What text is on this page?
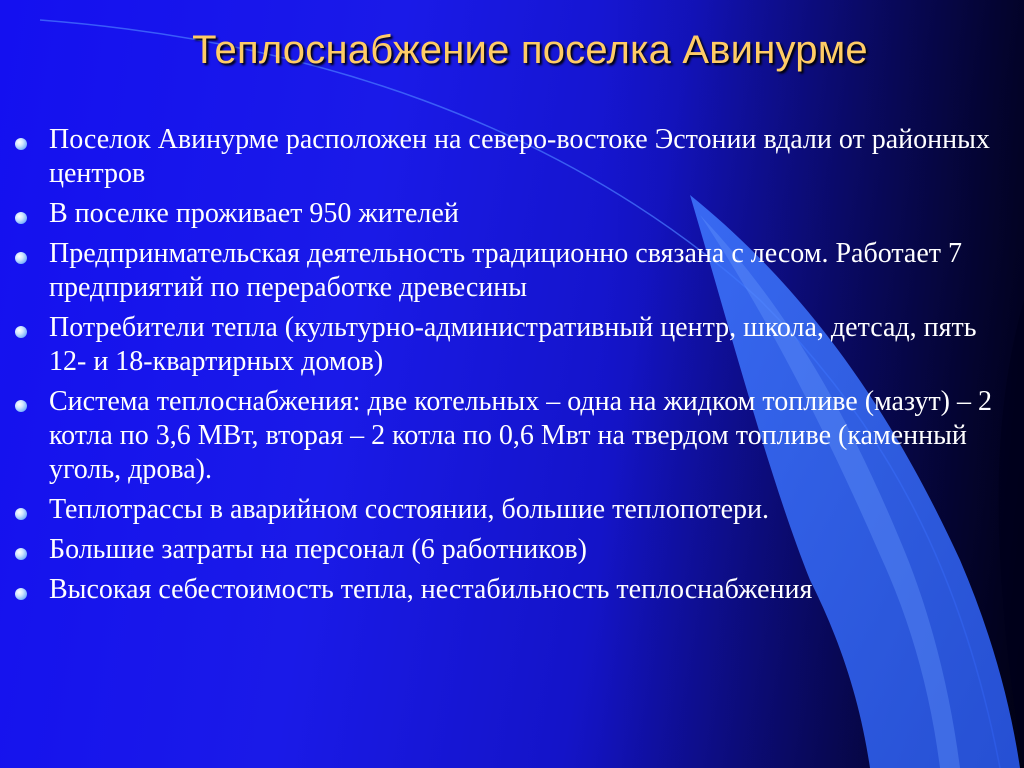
Теплоснабжение поселка Авинурме
Поселок Авинурме расположен на северо-востоке Эстонии вдали от районных центров
В поселке проживает 950 жителей
Предпринмательская деятельность традиционно связана с лесом. Работает 7 предприятий по переработке древесины
Потребители тепла (культурно-административный центр, школа, детсад, пять 12- и 18-квартирных домов)
Система теплоснабжения: две котельных – одна на жидком топливе (мазут) – 2 котла по 3,6 МВт, вторая – 2 котла по 0,6 Мвт на твердом топливе (каменный уголь, дрова).
Теплотрассы в аварийном состоянии, большие теплопотери.
Большие затраты на персонал (6 работников)
Высокая себестоимость тепла, нестабильность теплоснабжения
